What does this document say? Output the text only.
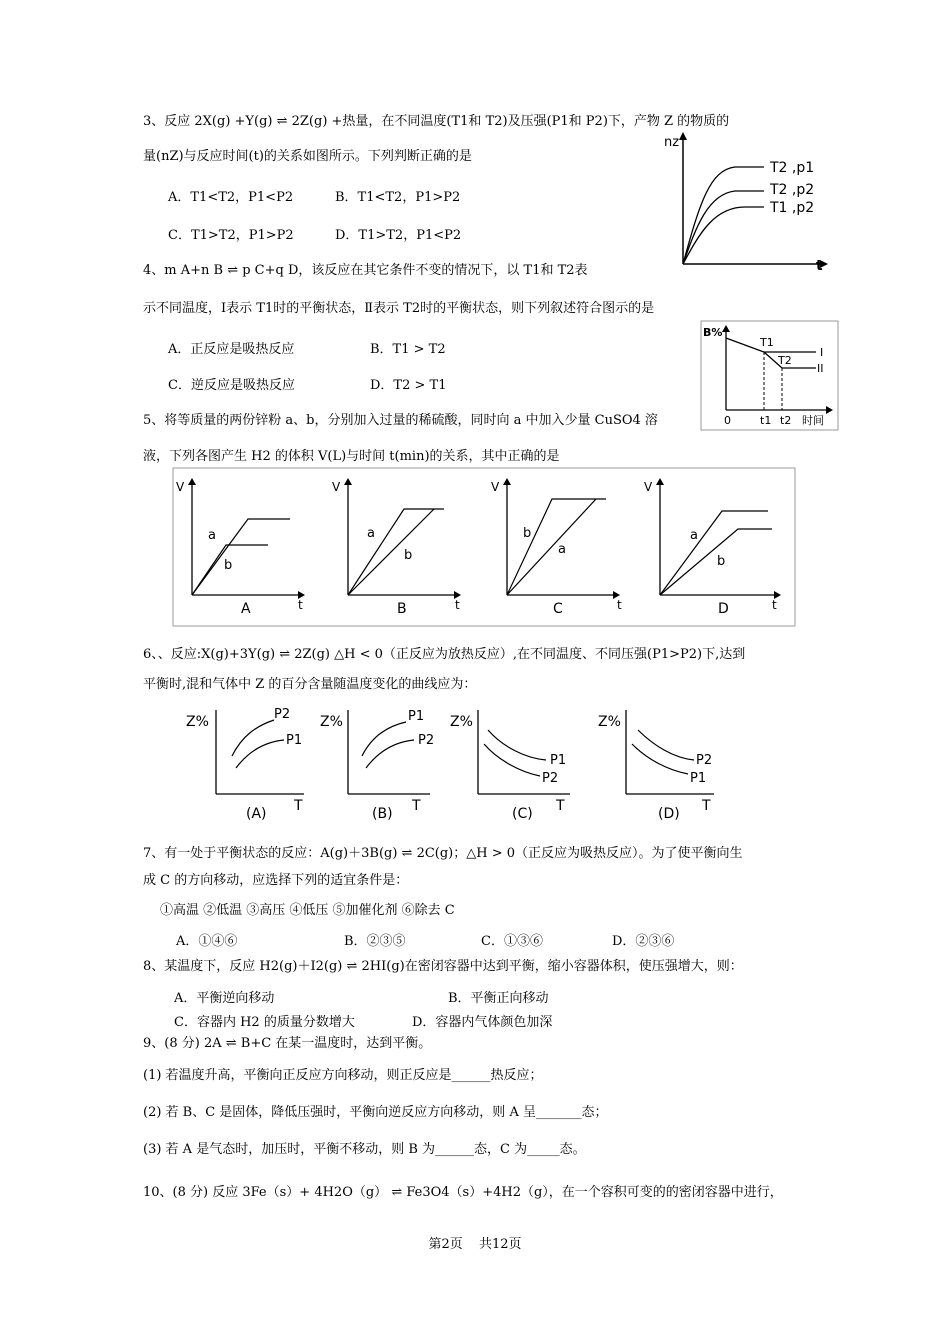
3、反应 2X(g) +Y(g) ⇌ 2Z(g) +热量，在不同温度(T1和 T2)及压强(P1和 P2)下，产物 Z 的物质的
量(nZ)与反应时间(t)的关系如图所示。下列判断正确的是
A．T1<T2，P1<P2	B．T1<T2，P1>P2
C．T1>T2，P1>P2	D．T1>T2，P1<P2
nz
t
T2 ,p1
T2 ,p2
T1 ,p2
4、m A+n B ⇌ p C+q D，该反应在其它条件不变的情况下，以 T1和 T2表
示不同温度，Ⅰ表示 T1时的平衡状态，Ⅱ表示 T2时的平衡状态，则下列叙述符合图示的是
A．正反应是吸热反应	B．T1 > T2
C．逆反应是吸热反应	D．T2 > T1
B%
0
T1
T2
I
II
t1 t2 时间
5、将等质量的两份锌粉 a、b，分别加入过量的稀硫酸，同时向 a 中加入少量 CuSO4 溶
液，下列各图产生 H2 的体积 V(L)与时间 t(min)的关系，其中正确的是
V
t
a
b
A
V
t
a
b
B
V
t
b
a
C
V
t
a
b
D
6、、反应:X(g)+3Y(g) ⇌ 2Z(g) △H < 0（正反应为放热反应）,在不同温度、不同压强(P1>P2)下,达到
平衡时,混和气体中 Z 的百分含量随温度变化的曲线应为：
Z%
T
P2
P1
(A)
Z%
T
P1
P2
(B)
Z%
T
P1
P2
(C)
Z%
T
P2
P1
(D)
7、有一处于平衡状态的反应：A(g)＋3B(g) ⇌ 2C(g)；△H > 0（正反应为吸热反应）。为了使平衡向生
成 C 的方向移动，应选择下列的适宜条件是：
①高温 ②低温 ③高压 ④低压 ⑤加催化剂 ⑥除去 C
A．①④⑥	B．②③⑤	C．①③⑥	D．②③⑥
8、某温度下，反应 H2(g)＋I2(g) ⇌ 2HI(g)在密闭容器中达到平衡，缩小容器体积，使压强增大，则：
A．平衡逆向移动	B．平衡正向移动
C．容器内 H2 的质量分数增大	D．容器内气体颜色加深
9、(8 分) 2A ⇌ B+C 在某一温度时，达到平衡。
(1) 若温度升高，平衡向正反应方向移动，则正反应是______热反应；
(2) 若 B、C 是固体，降低压强时，平衡向逆反应方向移动，则 A 呈_______态；
(3) 若 A 是气态时，加压时，平衡不移动，则 B 为______态，C 为_____态。
10、(8 分) 反应 3Fe（s）+ 4H2O（g） ⇌ Fe3O4（s）+4H2（g），在一个容积可变的的密闭容器中进行，
第2页 共12页
